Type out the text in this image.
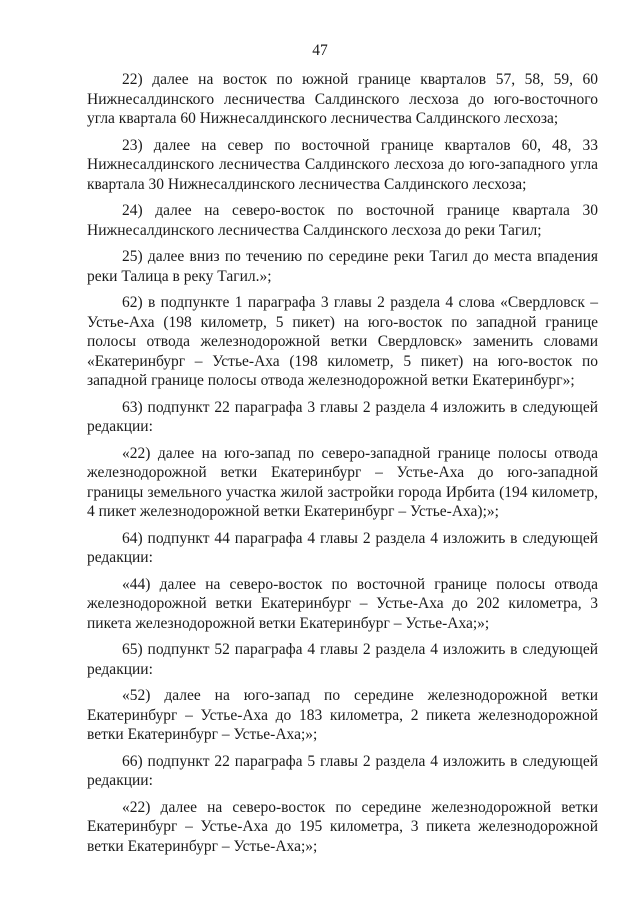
47

22) далее на восток по южной границе кварталов 57, 58, 59, 60 Нижнесалдинского лесничества Салдинского лесхоза до юго-восточного угла квартала 60 Нижнесалдинского лесничества Салдинского лесхоза;

23) далее на север по восточной границе кварталов 60, 48, 33 Нижнесалдинского лесничества Салдинского лесхоза до юго-западного угла квартала 30 Нижнесалдинского лесничества Салдинского лесхоза;

24) далее на северо-восток по восточной границе квартала 30 Нижнесалдинского лесничества Салдинского лесхоза до реки Тагил;

25) далее вниз по течению по середине реки Тагил до места впадения реки Талица в реку Тагил.»;

62) в подпункте 1 параграфа 3 главы 2 раздела 4 слова «Свердловск – Устье-Аха (198 километр, 5 пикет) на юго-восток по западной границе полосы отвода железнодорожной ветки Свердловск» заменить словами «Екатеринбург – Устье-Аха (198 километр, 5 пикет) на юго-восток по западной границе полосы отвода железнодорожной ветки Екатеринбург»;

63) подпункт 22 параграфа 3 главы 2 раздела 4 изложить в следующей редакции:

«22) далее на юго-запад по северо-западной границе полосы отвода железнодорожной ветки Екатеринбург – Устье-Аха до юго-западной границы земельного участка жилой застройки города Ирбита (194 километр, 4 пикет железнодорожной ветки Екатеринбург – Устье-Аха);»;

64) подпункт 44 параграфа 4 главы 2 раздела 4 изложить в следующей редакции:

«44) далее на северо-восток по восточной границе полосы отвода железнодорожной ветки Екатеринбург – Устье-Аха до 202 километра, 3 пикета железнодорожной ветки Екатеринбург – Устье-Аха;»;

65) подпункт 52 параграфа 4 главы 2 раздела 4 изложить в следующей редакции:

«52) далее на юго-запад по середине железнодорожной ветки Екатеринбург – Устье-Аха до 183 километра, 2 пикета железнодорожной ветки Екатеринбург – Устье-Аха;»;

66) подпункт 22 параграфа 5 главы 2 раздела 4 изложить в следующей редакции:

«22) далее на северо-восток по середине железнодорожной ветки Екатеринбург – Устье-Аха до 195 километра, 3 пикета железнодорожной ветки Екатеринбург – Устье-Аха;»;
